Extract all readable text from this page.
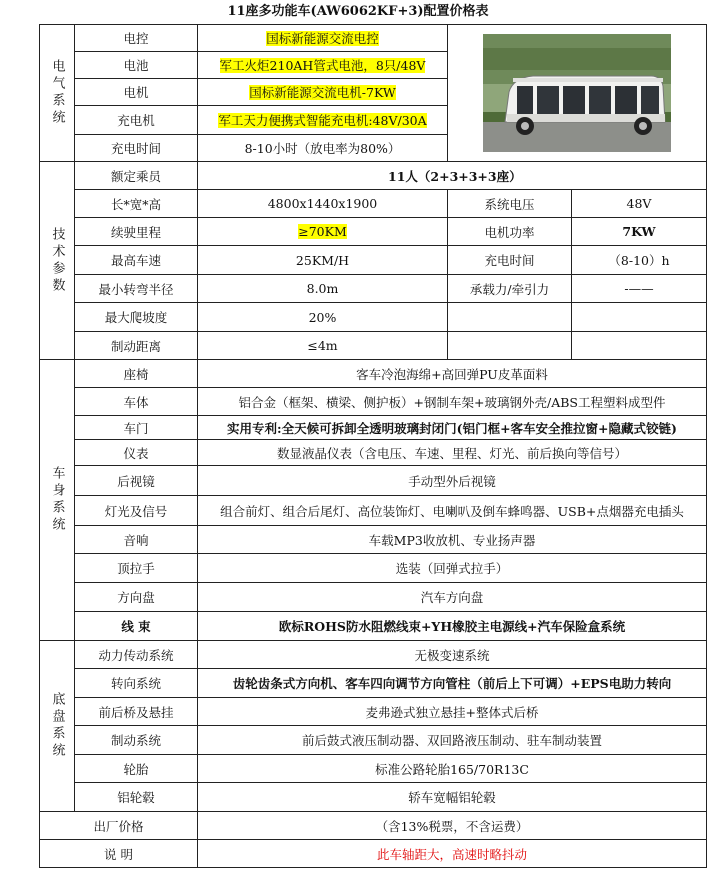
11座多功能车(AW6062KF+3)配置价格表
电气系统	电控	国标新能源交流电控	

	电池	军工火炬210AH管式电池，8只/48V		
	电机	国标新能源交流电机-7KW		
	充电机	军工天力便携式智能充电机:48V/30A		
	充电时间	8-10小时（放电率为80%）		
技术参数	额定乘员	11人（2+3+3+3座）		
	长*宽*高	4800x1440x1900	系统电压	48V
	续驶里程	≥70KM	电机功率	7KW
	最高车速	25KM/H	充电时间	（8-10）h
	最小转弯半径	8.0m	承载力/牵引力	-——
	最大爬坡度	20%		
	制动距离	≤4m		
车身系统	座椅	客车冷泡海绵+高回弹PU皮革面料		
	车体	铝合金（框架、横梁、侧护板）+钢制车架+玻璃钢外壳/ABS工程塑料成型件		
	车门	实用专利:全天候可拆卸全透明玻璃封闭门(铝门框+客车安全推拉窗+隐藏式铰链)		
	仪表	数显液晶仪表（含电压、车速、里程、灯光、前后换向等信号）		
	后视镜	手动型外后视镜		
	灯光及信号	组合前灯、组合后尾灯、高位装饰灯、电喇叭及倒车蜂鸣器、USB+点烟器充电插头		
	音响	车载MP3收放机、专业扬声器		
	顶拉手	选装（回弹式拉手）		
	方向盘	汽车方向盘		
	线 束	欧标ROHS防水阻燃线束+YH橡胶主电源线+汽车保险盒系统		
底盘系统	动力传动系统	无极变速系统		
	转向系统	齿轮齿条式方向机、客车四向调节方向管柱（前后上下可调）+EPS电助力转向		
	前后桥及悬挂	麦弗逊式独立悬挂+整体式后桥		
	制动系统	前后鼓式液压制动器、双回路液压制动、驻车制动装置		
	轮胎	标准公路轮胎165/70R13C		
	铝轮毂	轿车宽幅铝轮毂		
出厂价格		（含13%税票，不含运费）		
说 明		此车轴距大，高速时略抖动		
